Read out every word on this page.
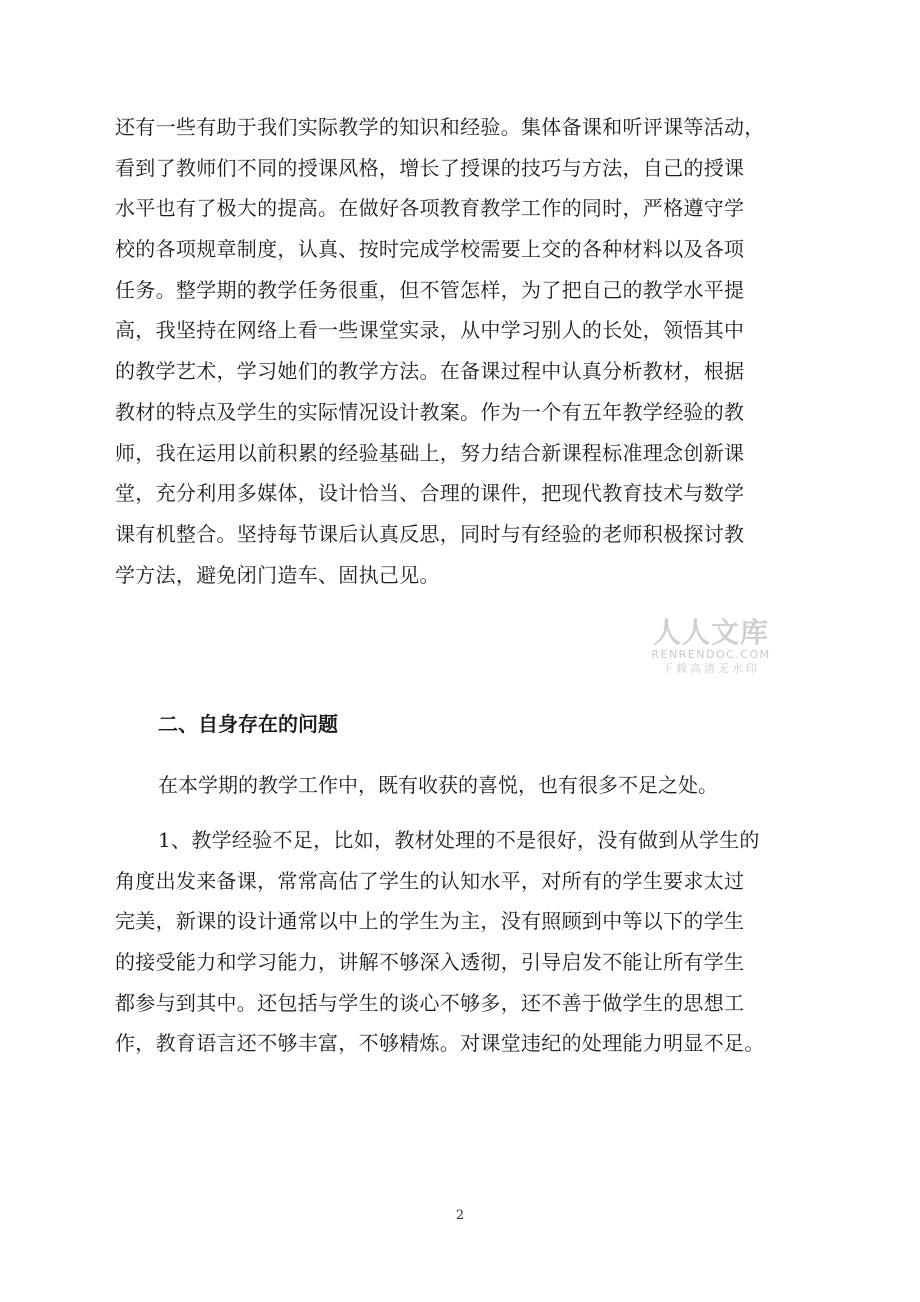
还有一些有助于我们实际教学的知识和经验。集体备课和听评课等活动，
看到了教师们不同的授课风格，增长了授课的技巧与方法，自己的授课
水平也有了极大的提高。在做好各项教育教学工作的同时，严格遵守学
校的各项规章制度，认真、按时完成学校需要上交的各种材料以及各项
任务。整学期的教学任务很重，但不管怎样，为了把自己的教学水平提
高，我坚持在网络上看一些课堂实录，从中学习别人的长处，领悟其中
的教学艺术，学习她们的教学方法。在备课过程中认真分析教材，根据
教材的特点及学生的实际情况设计教案。作为一个有五年教学经验的教
师，我在运用以前积累的经验基础上，努力结合新课程标准理念创新课
堂，充分利用多媒体，设计恰当、合理的课件，把现代教育技术与数学
课有机整合。坚持每节课后认真反思，同时与有经验的老师积极探讨教
学方法，避免闭门造车、固执己见。
二、自身存在的问题
在本学期的教学工作中，既有收获的喜悦，也有很多不足之处。
1、教学经验不足，比如，教材处理的不是很好，没有做到从学生的
角度出发来备课，常常高估了学生的认知水平，对所有的学生要求太过
完美，新课的设计通常以中上的学生为主，没有照顾到中等以下的学生
的接受能力和学习能力，讲解不够深入透彻，引导启发不能让所有学生
都参与到其中。还包括与学生的谈心不够多，还不善于做学生的思想工
作，教育语言还不够丰富，不够精炼。对课堂违纪的处理能力明显不足。
人人文库
RENRENDOC.COM
下载高清无水印
2
